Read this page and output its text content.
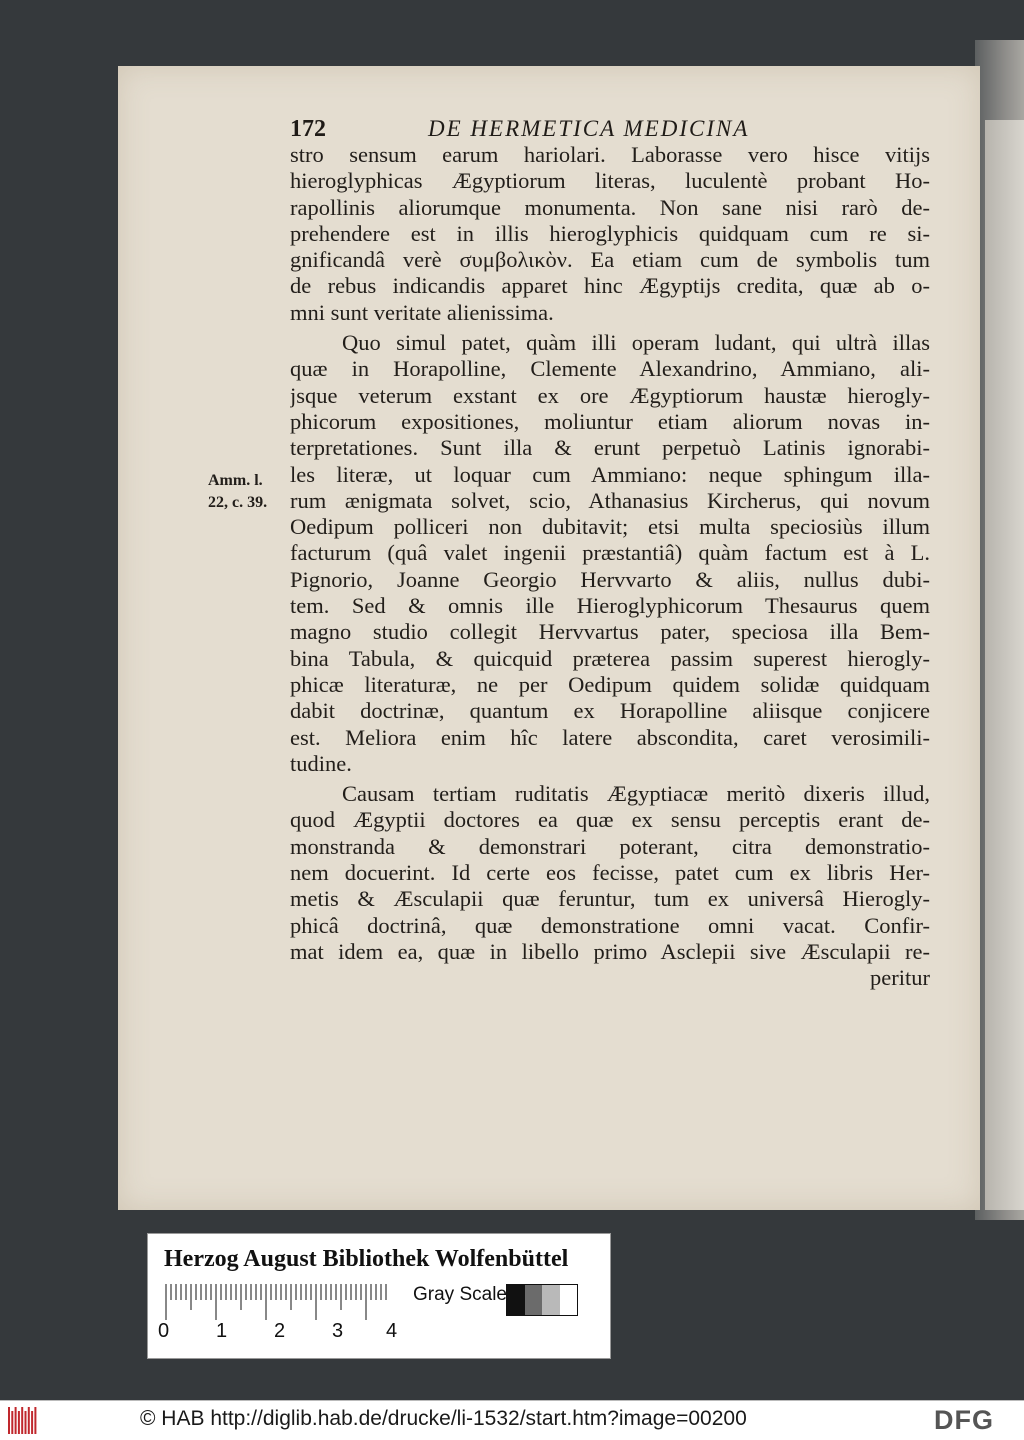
172	DE HERMETICA MEDICINA
Amm. l.
22, c. 39.
stro sensum earum hariolari. Laborasse vero hisce vitijs
hieroglyphicas Ægyptiorum literas, luculentè probant Ho-
rapollinis aliorumque monumenta. Non sane nisi rarò de-
prehendere est in illis hieroglyphicis quidquam cum re si-
gnificandâ verè συμβολικὸν. Ea etiam cum de symbolis tum
de rebus indicandis apparet hinc Ægyptijs credita, quæ ab o-
mni sunt veritate alienissima.
Quo simul patet, quàm illi operam ludant, qui ultrà illas
quæ in Horapolline, Clemente Alexandrino, Ammiano, ali-
jsque veterum exstant ex ore Ægyptiorum haustæ hierogly-
phicorum expositiones, moliuntur etiam aliorum novas in-
terpretationes. Sunt illa & erunt perpetuò Latinis ignorabi-
les literæ, ut loquar cum Ammiano: neque sphingum illa-
rum ænigmata solvet, scio, Athanasius Kircherus, qui novum
Oedipum polliceri non dubitavit; etsi multa speciosiùs illum
facturum (quâ valet ingenii præstantiâ) quàm factum est à L.
Pignorio, Joanne Georgio Hervvarto & aliis, nullus dubi-
tem. Sed & omnis ille Hieroglyphicorum Thesaurus quem
magno studio collegit Hervvartus pater, speciosa illa Bem-
bina Tabula, & quicquid præterea passim superest hierogly-
phicæ literaturæ, ne per Oedipum quidem solidæ quidquam
dabit doctrinæ, quantum ex Horapolline aliisque conjicere
est. Meliora enim hîc latere abscondita, caret verosimili-
tudine.
Causam tertiam ruditatis Ægyptiacæ meritò dixeris illud,
quod Ægyptii doctores ea quæ ex sensu perceptis erant de-
monstranda & demonstrari poterant, citra demonstratio-
nem docuerint. Id certe eos fecisse, patet cum ex libris Her-
metis & Æsculapii quæ feruntur, tum ex universâ Hierogly-
phicâ doctrinâ, quæ demonstratione omni vacat. Confir-
mat idem ea, quæ in libello primo Asclepii sive Æsculapii re-
peritur
Herzog August Bibliothek Wolfenbüttel
0 1 2 3 4
Gray Scale
© HAB http://diglib.hab.de/drucke/li-1532/start.htm?image=00200	DFG
